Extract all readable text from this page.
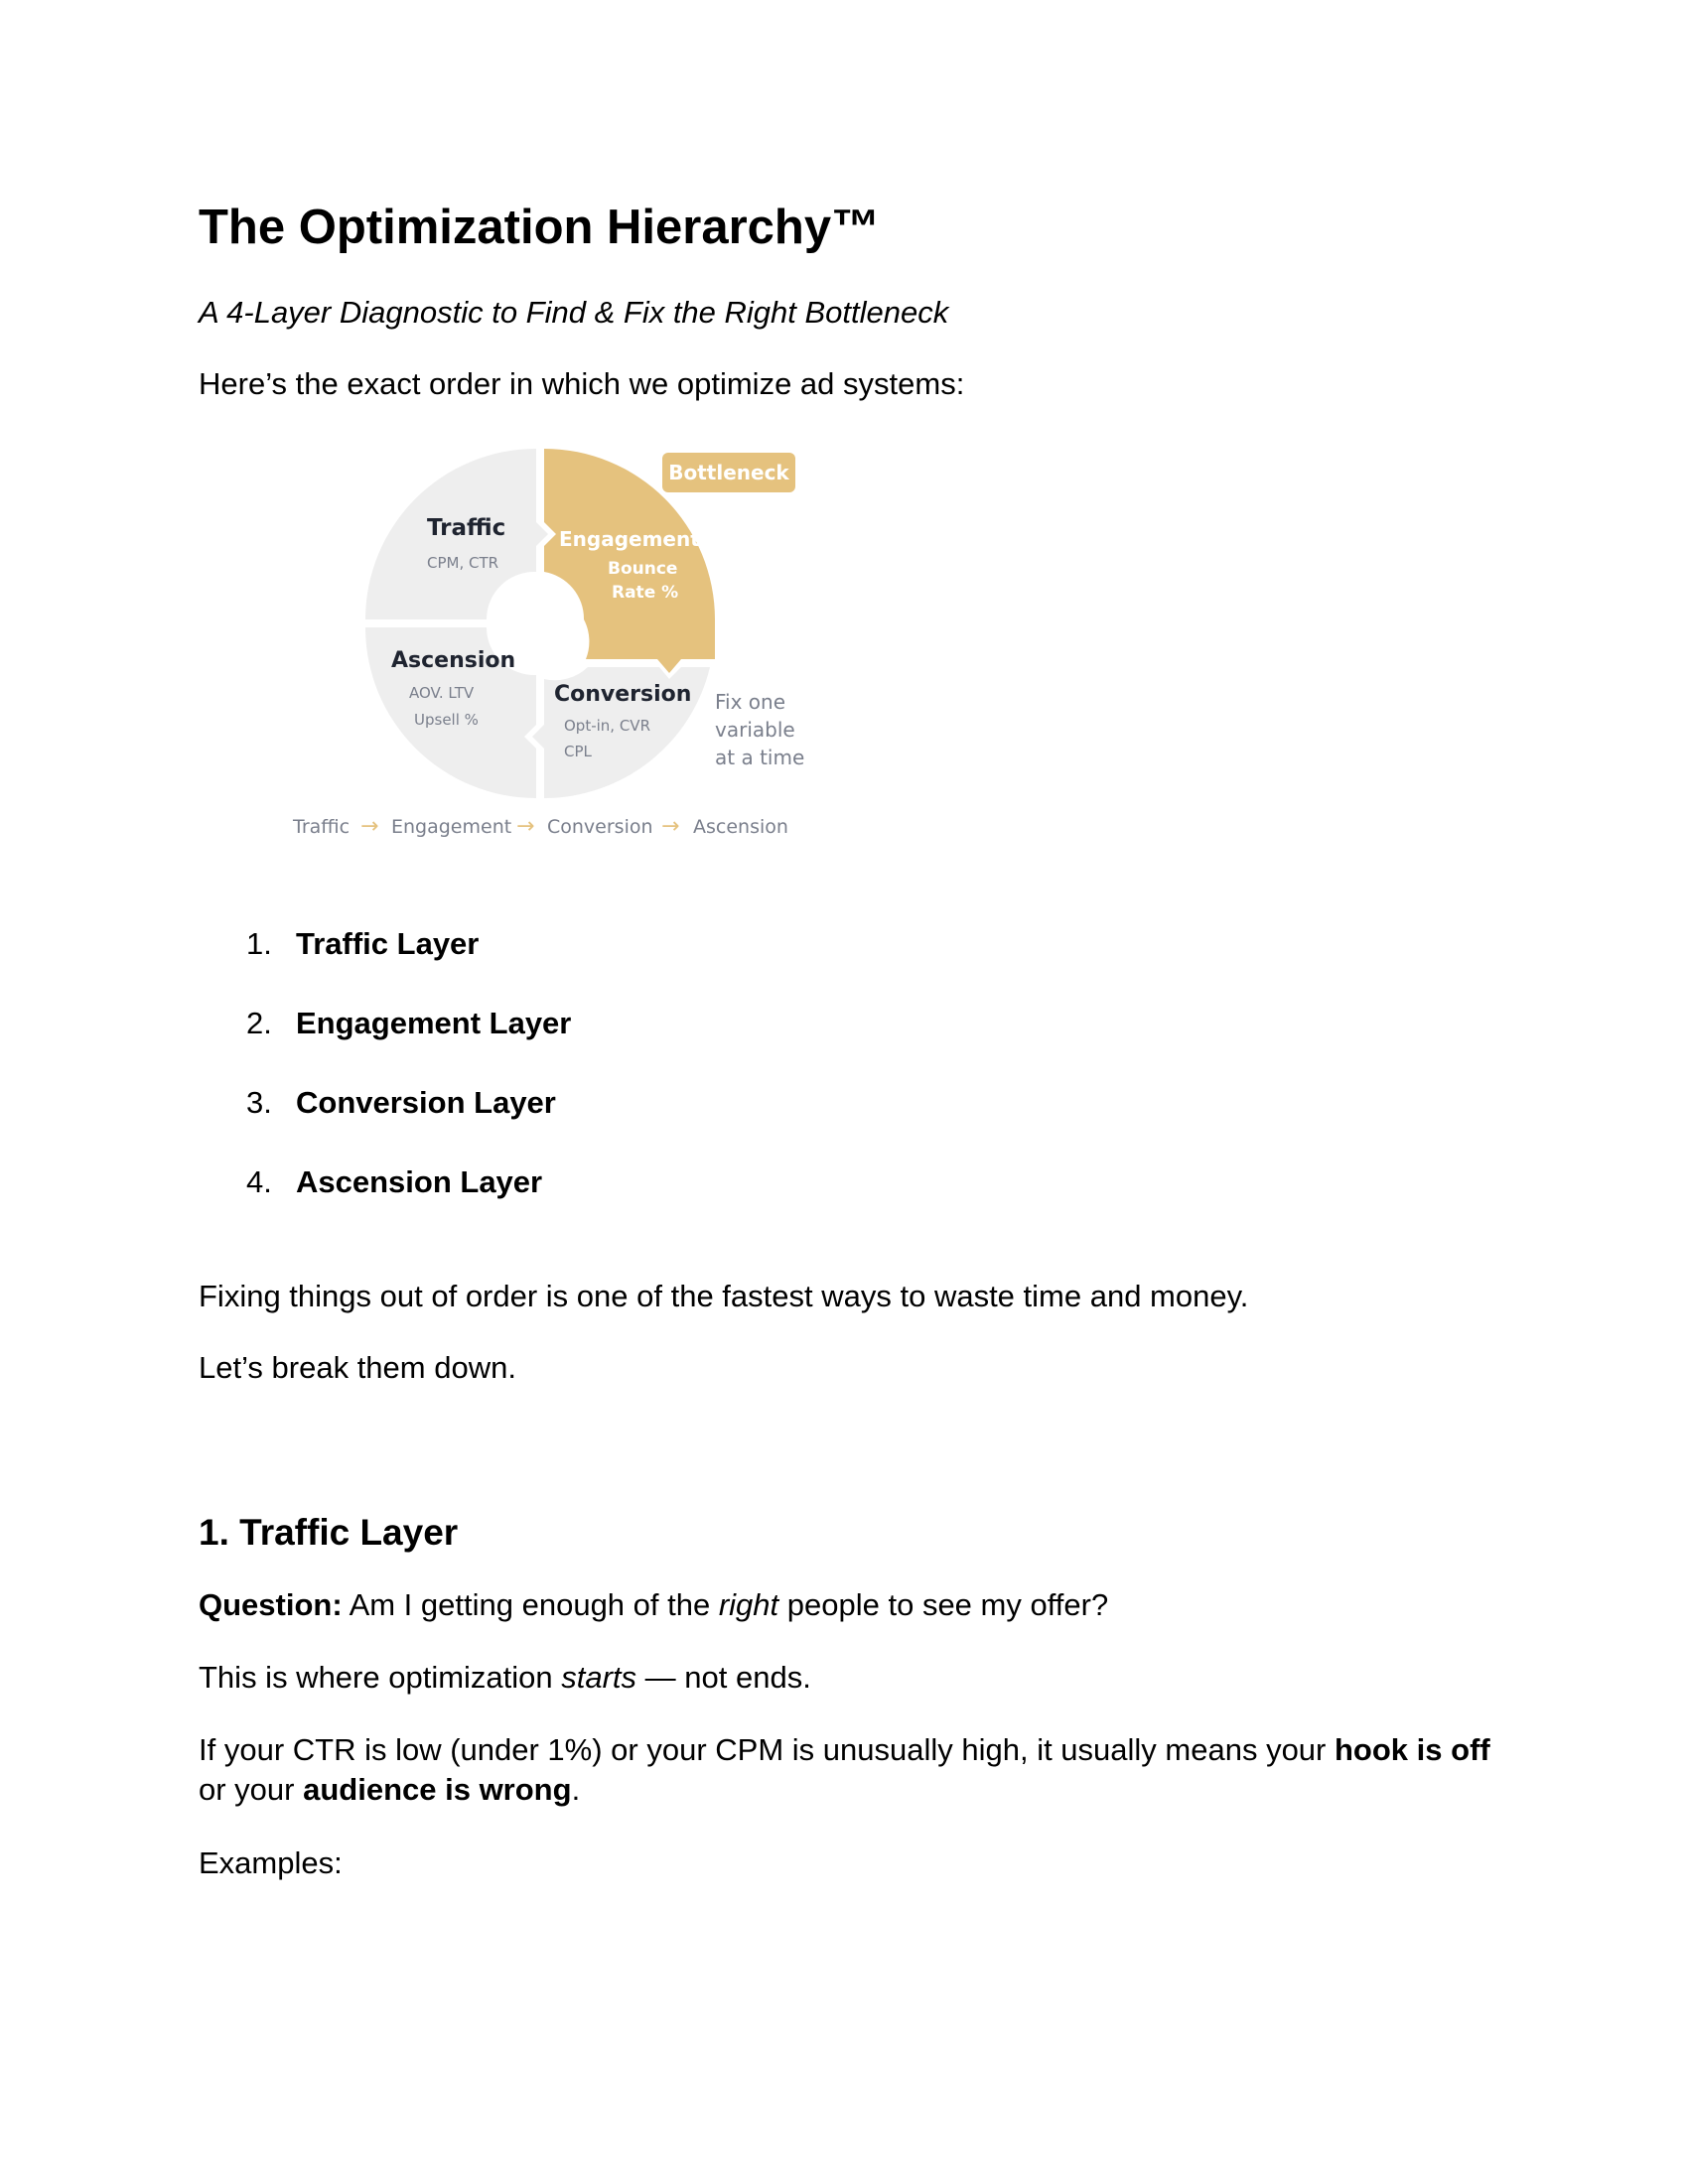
The Optimization Hierarchy™
A 4-Layer Diagnostic to Find & Fix the Right Bottleneck
Here’s the exact order in which we optimize ad systems:
Bottleneck
Traffic
CPM, CTR
Engagement
Bounce
Rate %
Ascension
AOV. LTV
Upsell %
Conversion
Opt-in, CVR
CPL
Fix one
variable
at a time
Traffic → Engagement → Conversion → Ascension
1. Traffic Layer
2. Engagement Layer
3. Conversion Layer
4. Ascension Layer
Fixing things out of order is one of the fastest ways to waste time and money.
Let’s break them down.
1. Traffic Layer
Question: Am I getting enough of the right people to see my offer?
This is where optimization starts — not ends.
If your CTR is low (under 1%) or your CPM is unusually high, it usually means your hook is off
or your audience is wrong.
Examples:
